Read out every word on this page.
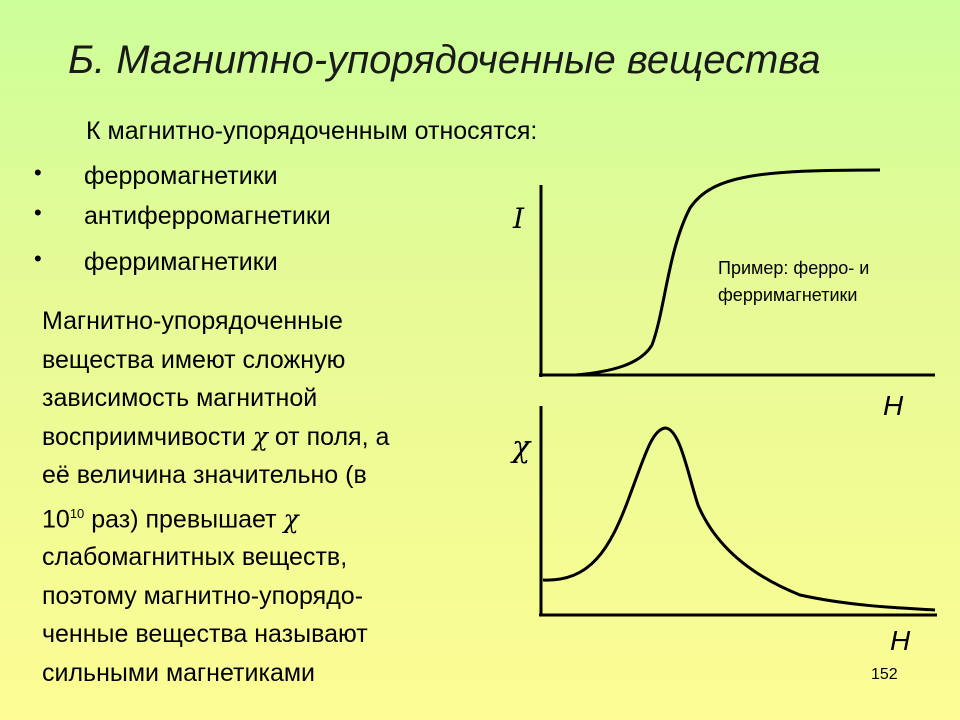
Б. Магнитно-упорядоченные вещества
К магнитно-упорядоченным относятся:
• ферромагнетики
• антиферромагнетики
• ферримагнетики
Магнитно-упорядоченные
вещества имеют сложную
зависимость магнитной
восприимчивости χ от поля, а
её величина значительно (в
$10^{10}$ раз) превышает χ
слабомагнитных веществ,
поэтому магнитно-упорядо-
ченные вещества называют
сильными магнетиками
I
H
χ
H
Пример: ферро- и
ферримагнетики
152
